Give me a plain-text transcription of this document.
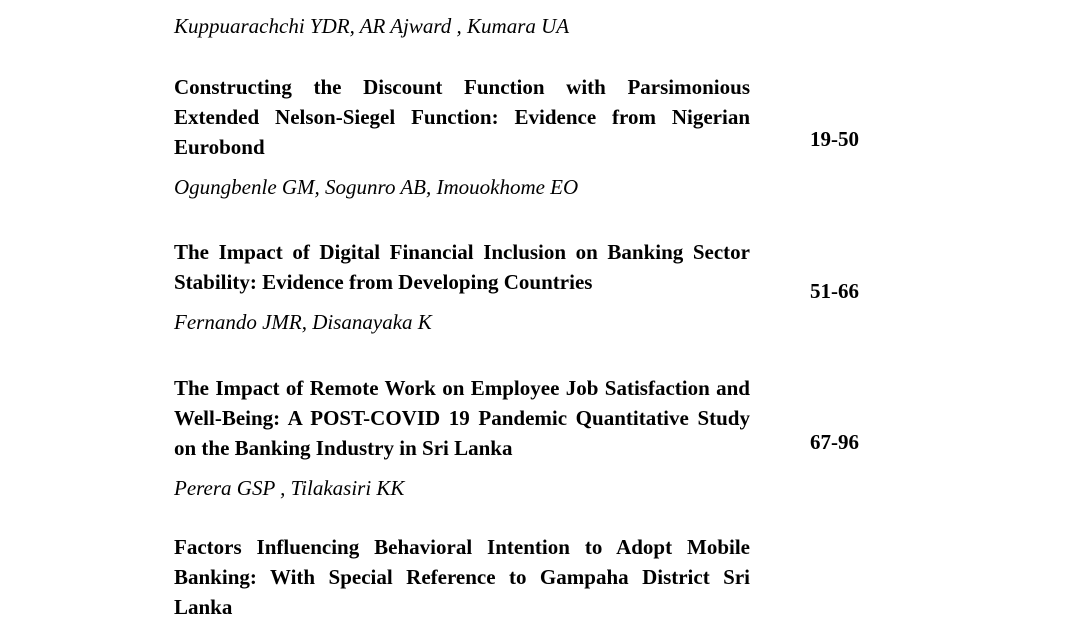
Kuppuarachchi YDR, AR Ajward , Kumara UA

Constructing the Discount Function with Parsimonious Extended Nelson-Siegel Function: Evidence from Nigerian Eurobond

Ogungbenle GM, Sogunro AB, Imouokhome EO

19-50

The Impact of Digital Financial Inclusion on Banking Sector Stability: Evidence from Developing Countries

Fernando JMR, Disanayaka K

51-66

The Impact of Remote Work on Employee Job Satisfaction and Well-Being: A POST-COVID 19 Pandemic Quantitative Study on the Banking Industry in Sri Lanka

Perera GSP , Tilakasiri KK

67-96

Factors Influencing Behavioral Intention to Adopt Mobile Banking: With Special Reference to Gampaha District Sri Lanka
